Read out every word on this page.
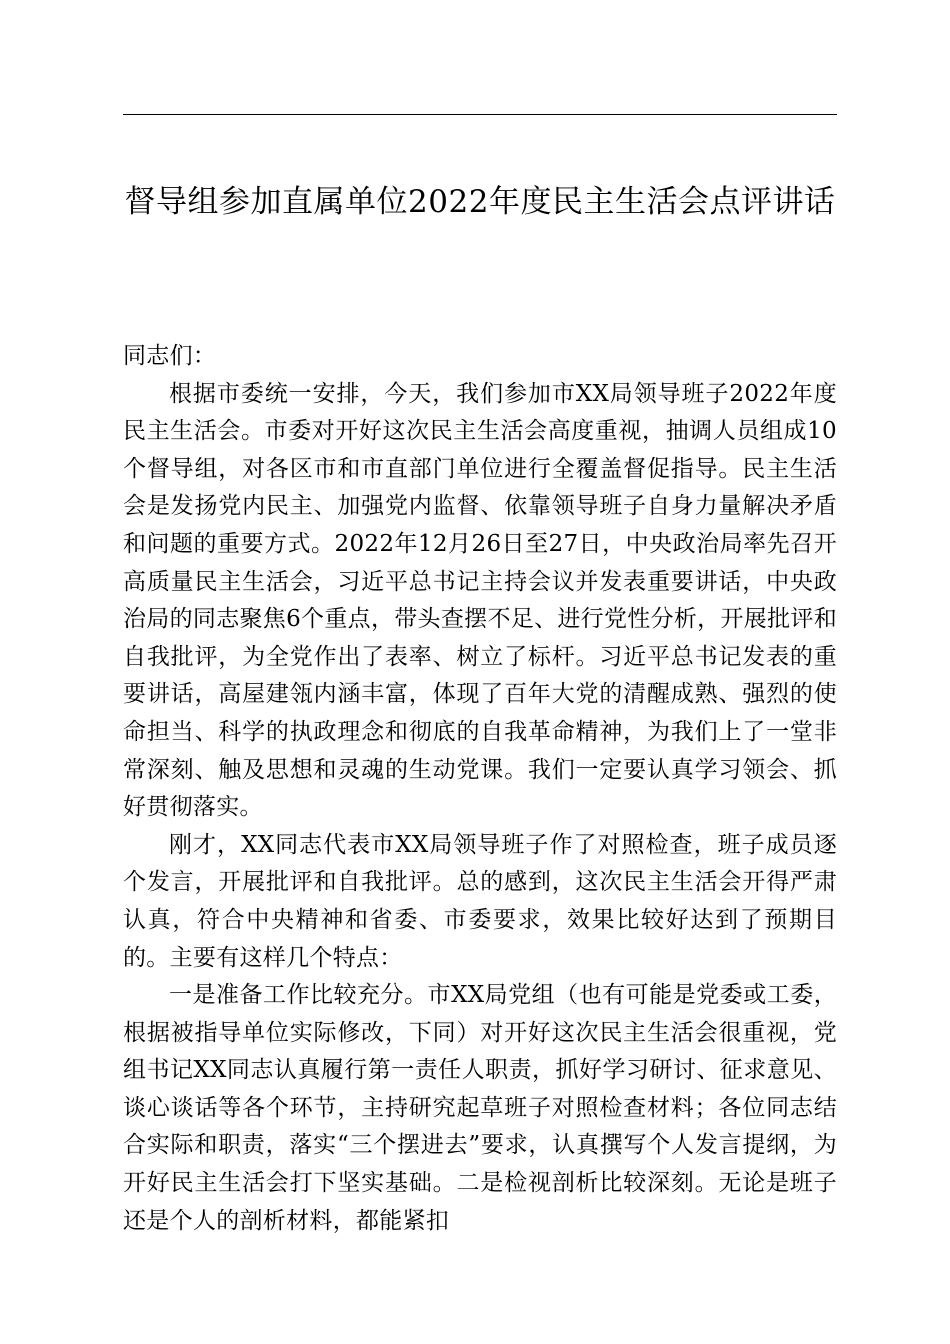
督导组参加直属单位2022年度民主生活会点评讲话

同志们：

根据市委统一安排，今天，我们参加市XX局领导班子2022年度民主生活会。市委对开好这次民主生活会高度重视，抽调人员组成10个督导组，对各区市和市直部门单位进行全覆盖督促指导。民主生活会是发扬党内民主、加强党内监督、依靠领导班子自身力量解决矛盾和问题的重要方式。2022年12月26日至27日，中央政治局率先召开高质量民主生活会，习近平总书记主持会议并发表重要讲话，中央政治局的同志聚焦6个重点，带头查摆不足、进行党性分析，开展批评和自我批评，为全党作出了表率、树立了标杆。习近平总书记发表的重要讲话，高屋建瓴内涵丰富，体现了百年大党的清醒成熟、强烈的使命担当、科学的执政理念和彻底的自我革命精神，为我们上了一堂非常深刻、触及思想和灵魂的生动党课。我们一定要认真学习领会、抓好贯彻落实。

刚才，XX同志代表市XX局领导班子作了对照检查，班子成员逐个发言，开展批评和自我批评。总的感到，这次民主生活会开得严肃认真，符合中央精神和省委、市委要求，效果比较好达到了预期目的。主要有这样几个特点：

一是准备工作比较充分。市XX局党组（也有可能是党委或工委，根据被指导单位实际修改，下同）对开好这次民主生活会很重视，党组书记XX同志认真履行第一责任人职责，抓好学习研讨、征求意见、谈心谈话等各个环节，主持研究起草班子对照检查材料；各位同志结合实际和职责，落实“三个摆进去”要求，认真撰写个人发言提纲，为开好民主生活会打下坚实基础。二是检视剖析比较深刻。无论是班子还是个人的剖析材料，都能紧扣
